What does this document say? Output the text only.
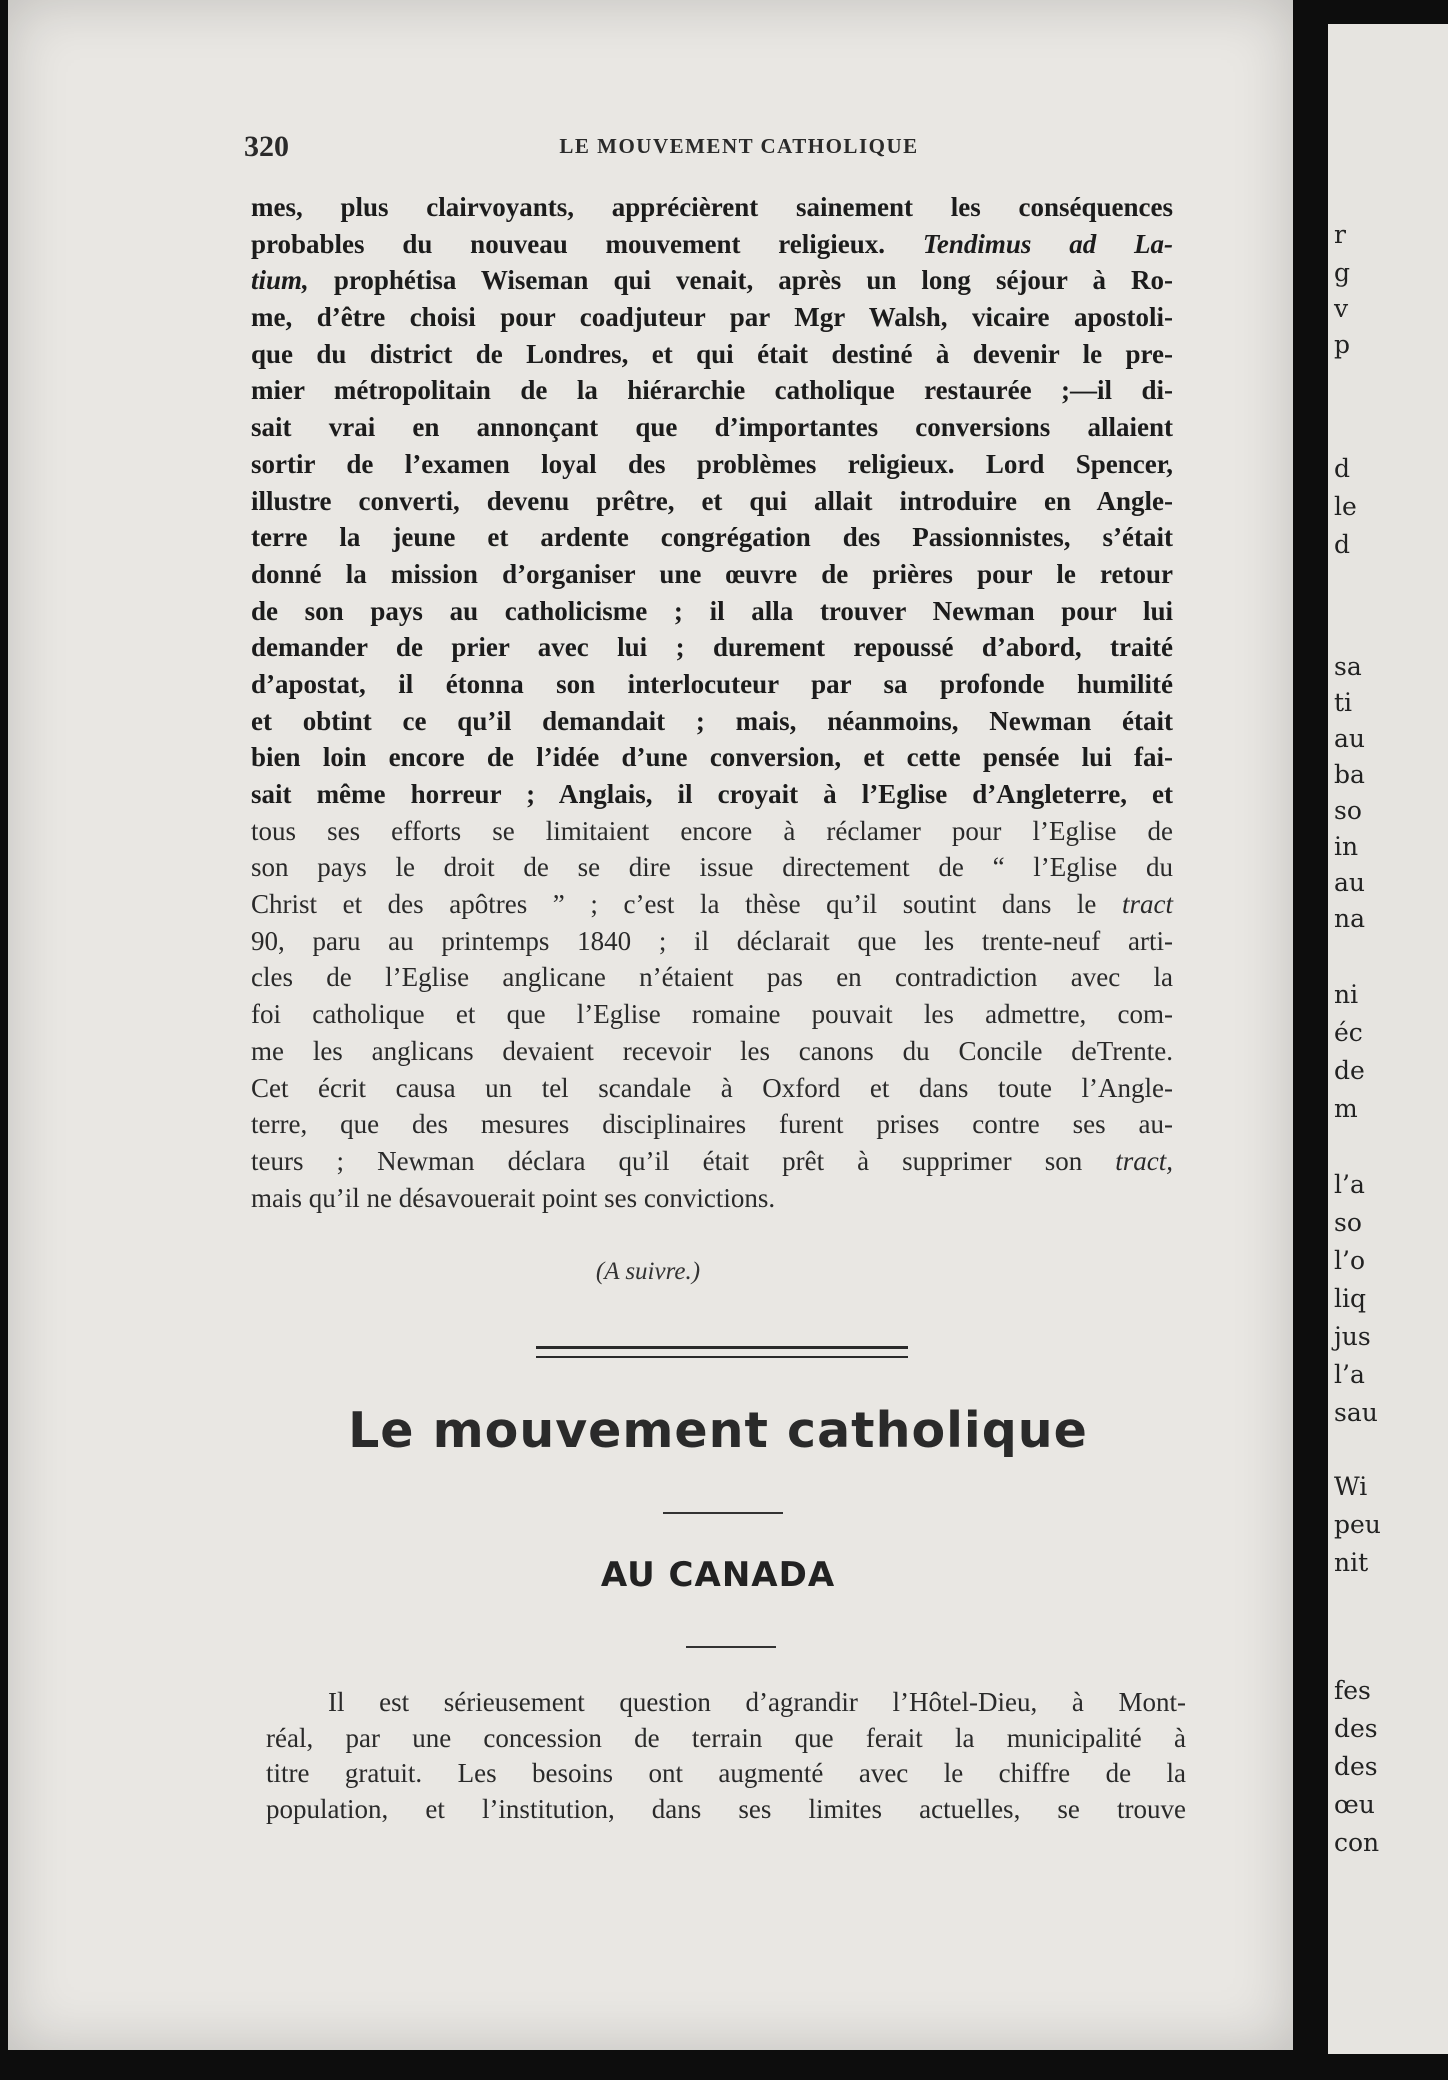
320	LE MOUVEMENT CATHOLIQUE
mes, plus clairvoyants, apprécièrent sainement les conséquences
probables du nouveau mouvement religieux. Tendimus ad La-
tium, prophétisa Wiseman qui venait, après un long séjour à Ro-
me, d’être choisi pour coadjuteur par Mgr Walsh, vicaire apostoli-
que du district de Londres, et qui était destiné à devenir le pre-
mier métropolitain de la hiérarchie catholique restaurée ;—il di-
sait vrai en annonçant que d’importantes conversions allaient
sortir de l’examen loyal des problèmes religieux. Lord Spencer,
illustre converti, devenu prêtre, et qui allait introduire en Angle-
terre la jeune et ardente congrégation des Passionnistes, s’était
donné la mission d’organiser une œuvre de prières pour le retour
de son pays au catholicisme ; il alla trouver Newman pour lui
demander de prier avec lui ; durement repoussé d’abord, traité
d’apostat, il étonna son interlocuteur par sa profonde humilité
et obtint ce qu’il demandait ; mais, néanmoins, Newman était
bien loin encore de l’idée d’une conversion, et cette pensée lui fai-
sait même horreur ; Anglais, il croyait à l’Eglise d’Angleterre, et
tous ses efforts se limitaient encore à réclamer pour l’Eglise de
son pays le droit de se dire issue directement de “ l’Eglise du
Christ et des apôtres ” ; c’est la thèse qu’il soutint dans le tract
90, paru au printemps 1840 ; il déclarait que les trente-neuf arti-
cles de l’Eglise anglicane n’étaient pas en contradiction avec la
foi catholique et que l’Eglise romaine pouvait les admettre, com-
me les anglicans devaient recevoir les canons du Concile deTrente.
Cet écrit causa un tel scandale à Oxford et dans toute l’Angle-
terre, que des mesures disciplinaires furent prises contre ses au-
teurs ; Newman déclara qu’il était prêt à supprimer son tract,
mais qu’il ne désavouerait point ses convictions.
(A suivre.)
Le mouvement catholique
AU CANADA
Il est sérieusement question d’agrandir l’Hôtel-Dieu, à Mont-
réal, par une concession de terrain que ferait la municipalité à
titre gratuit. Les besoins ont augmenté avec le chiffre de la
population, et l’institution, dans ses limites actuelles, se trouve
r
g
v
p
d
le
d
sa
ti
au
ba
so
in
au
na
ni
éc
de
m
l’a
so
l’o
liq
jus
l’a
sau
Wi
peu
nit
fes
des
des
œu
con
